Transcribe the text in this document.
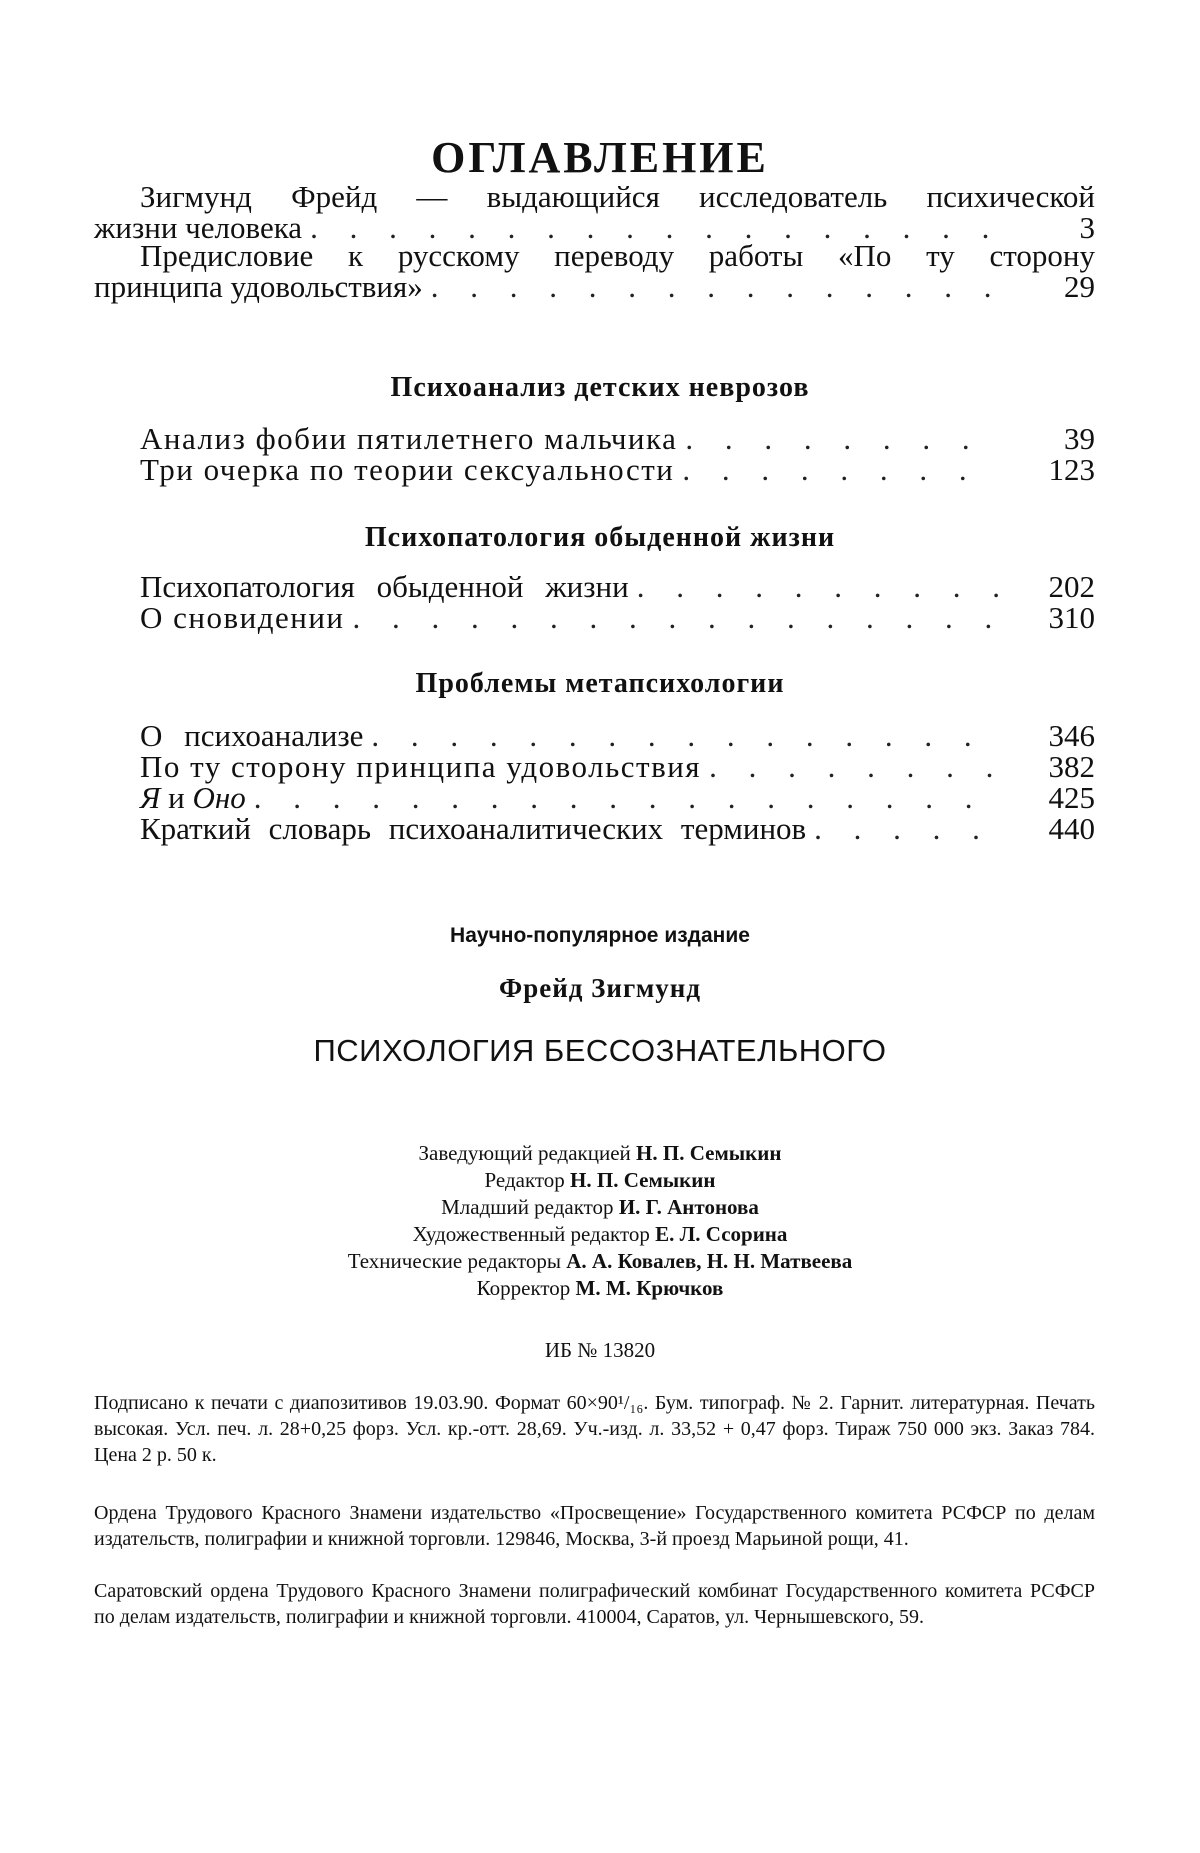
ОГЛАВЛЕНИЕ
Зигмунд Фрейд — выдающийся исследователь психической
жизни человека . . .	3
Предисловие к русскому переводу работы «По ту сторону
принципа удовольствия» . . .	29
Психоанализ детских неврозов
Анализ фобии пятилетнего мальчика . . .	39
Три очерка по теории сексуальности . . .	123
Психопатология обыденной жизни
Психопатология обыденной жизни . . .	202
О сновидении . . .	310
Проблемы метапсихологии
О психоанализе . . .	346
По ту сторону принципа удовольствия . . .	382
Я и Оно . . .	425
Краткий словарь психоаналитических терминов . . .	440
Научно-популярное издание
Фрейд Зигмунд
ПСИХОЛОГИЯ БЕССОЗНАТЕЛЬНОГО
Заведующий редакцией Н. П. Семыкин
Редактор Н. П. Семыкин
Младший редактор И. Г. Антонова
Художественный редактор Е. Л. Ссорина
Технические редакторы А. А. Ковалев, Н. Н. Матвеева
Корректор М. М. Крючков
ИБ № 13820
Подписано к печати с диапозитивов 19.03.90. Формат 60×90¹/₁₆. Бум. типограф. № 2. Гарнит. литературная. Печать высокая. Усл. печ. л. 28+0,25 форз. Усл. кр.-отт. 28,69. Уч.-изд. л. 33,52 + 0,47 форз. Тираж 750 000 экз. Заказ 784. Цена 2 р. 50 к.
Ордена Трудового Красного Знамени издательство «Просвещение» Государственного комитета РСФСР по делам издательств, полиграфии и книжной торговли. 129846, Москва, 3-й проезд Марьиной рощи, 41.
Саратовский ордена Трудового Красного Знамени полиграфический комбинат Государственного комитета РСФСР по делам издательств, полиграфии и книжной торговли. 410004, Саратов, ул. Чернышевского, 59.
